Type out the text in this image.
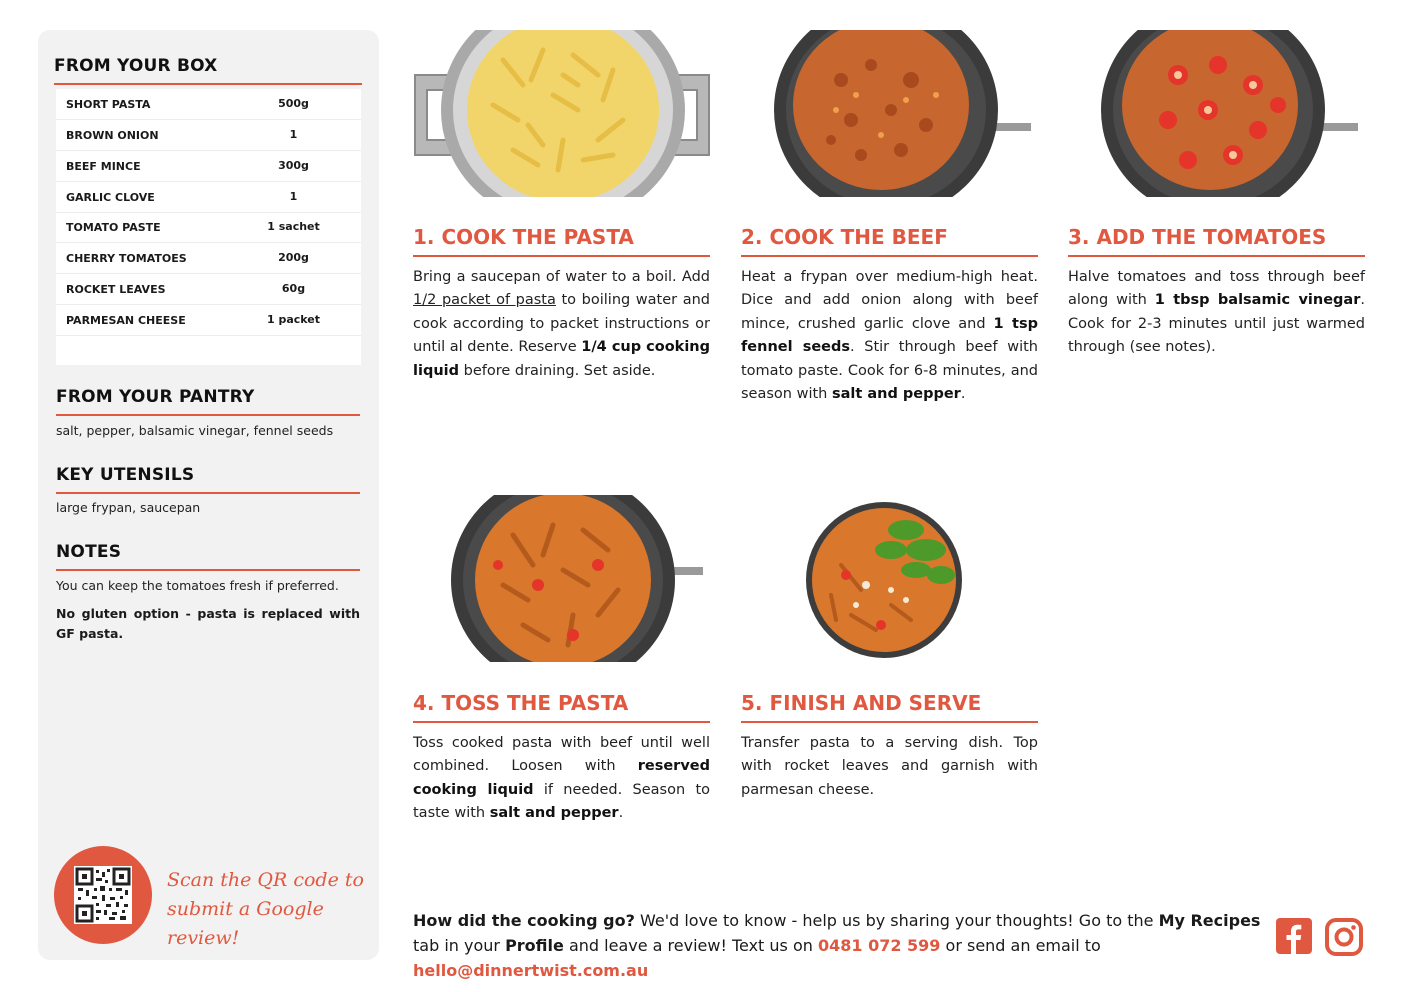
FROM YOUR BOX
SHORT PASTA	500g
BROWN ONION	1
BEEF MINCE	300g
GARLIC CLOVE	1
TOMATO PASTE	1 sachet
CHERRY TOMATOES	200g
ROCKET LEAVES	60g
PARMESAN CHEESE	1 packet
FROM YOUR PANTRY
salt, pepper, balsamic vinegar, fennel seeds
KEY UTENSILS
large frypan, saucepan
NOTES
You can keep the tomatoes fresh if preferred.
No gluten option - pasta is replaced with GF pasta.
Scan the QR code to
submit a Google review!
1. COOK THE PASTA
Bring a saucepan of water to a boil. Add 1/2 packet of pasta to boiling water and cook according to packet instructions or until al dente. Reserve 1/4 cup cooking liquid before draining. Set aside.
2. COOK THE BEEF
Heat a frypan over medium-high heat. Dice and add onion along with beef mince, crushed garlic clove and 1 tsp fennel seeds. Stir through beef with tomato paste. Cook for 6-8 minutes, and season with salt and pepper.
3. ADD THE TOMATOES
Halve tomatoes and toss through beef along with 1 tbsp balsamic vinegar. Cook for 2-3 minutes until just warmed through (see notes).
4. TOSS THE PASTA
Toss cooked pasta with beef until well combined. Loosen with reserved cooking liquid if needed. Season to taste with salt and pepper.
5. FINISH AND SERVE
Transfer pasta to a serving dish. Top with rocket leaves and garnish with parmesan cheese.
How did the cooking go? We'd love to know - help us by sharing your thoughts! Go to the My Recipes tab in your Profile and leave a review! Text us on 0481 072 599 or send an email to hello@dinnertwist.com.au
